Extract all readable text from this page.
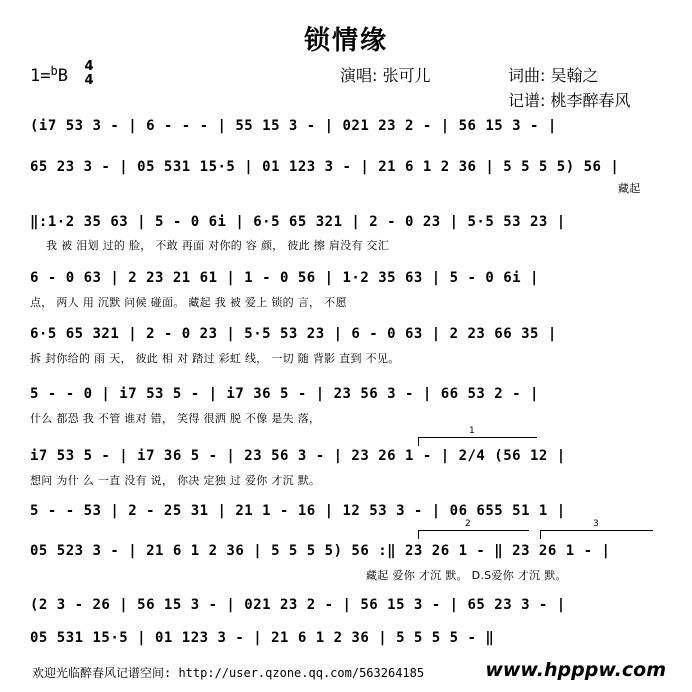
锁情缘
1=$^b$B 4
4	演唱: 张可儿	词曲: 吴翰之
记谱: 桃李醉春风
(i7 53 3 - | 6 - - - | 55 15 3 - | 021 23 2 - | 56 15 3 - |
65 23 3 - | 05 531 15·5 | 01 123 3 - | 21 6 1 2 36 | 5 5 5 5) 56 |
藏起
‖:1·2 35 63 | 5 - 0 6i | 6·5 65 321 | 2 - 0 23 | 5·5 53 23 |
我 被 泪划 过的 脸， 不敢 再面 对你的 容 颜， 彼此 擦 肩没有 交汇
6 - 0 63 | 2 23 21 61 | 1 - 0 56 | 1·2 35 63 | 5 - 0 6i |
点， 两人 用 沉默 问候 碰面。 藏起 我 被 爱上 锁的 言， 不愿
6·5 65 321 | 2 - 0 23 | 5·5 53 23 | 6 - 0 63 | 2 23 66 35 |
拆 封你给的 雨 天， 彼此 相 对 踏过 彩虹 线， 一切 随 背影 直到 不见。
5 - - 0 | i7 53 5 - | i7 36 5 - | 23 56 3 - | 66 53 2 - |
什么 都恐 我 不管 谁对 错， 笑得 很洒 脱 不像 是失 落，
1
i7 53 5 - | i7 36 5 - | 23 56 3 - | 23 26 1 - | 2/4 (56 12 |
想问 为什 么 一直 没有 说， 你决 定独 过 爱你 才沉 默。
5 - - 53 | 2 - 25 31 | 21 1 - 16 | 12 53 3 - | 06 655 51 1 |
2	3
05 523 3 - | 21 6 1 2 36 | 5 5 5 5) 56 :‖ 23 26 1 - ‖ 23 26 1 - |
藏起 爱你 才沉 默。 D.S爱你 才沉 默。
(2 3 - 26 | 56 15 3 - | 021 23 2 - | 56 15 3 - | 65 23 3 - |
05 531 15·5 | 01 123 3 - | 21 6 1 2 36 | 5 5 5 5 - ‖
欢迎光临醉春风记谱空间: http://user.qzone.qq.com/563264185	www.hpppw.com
